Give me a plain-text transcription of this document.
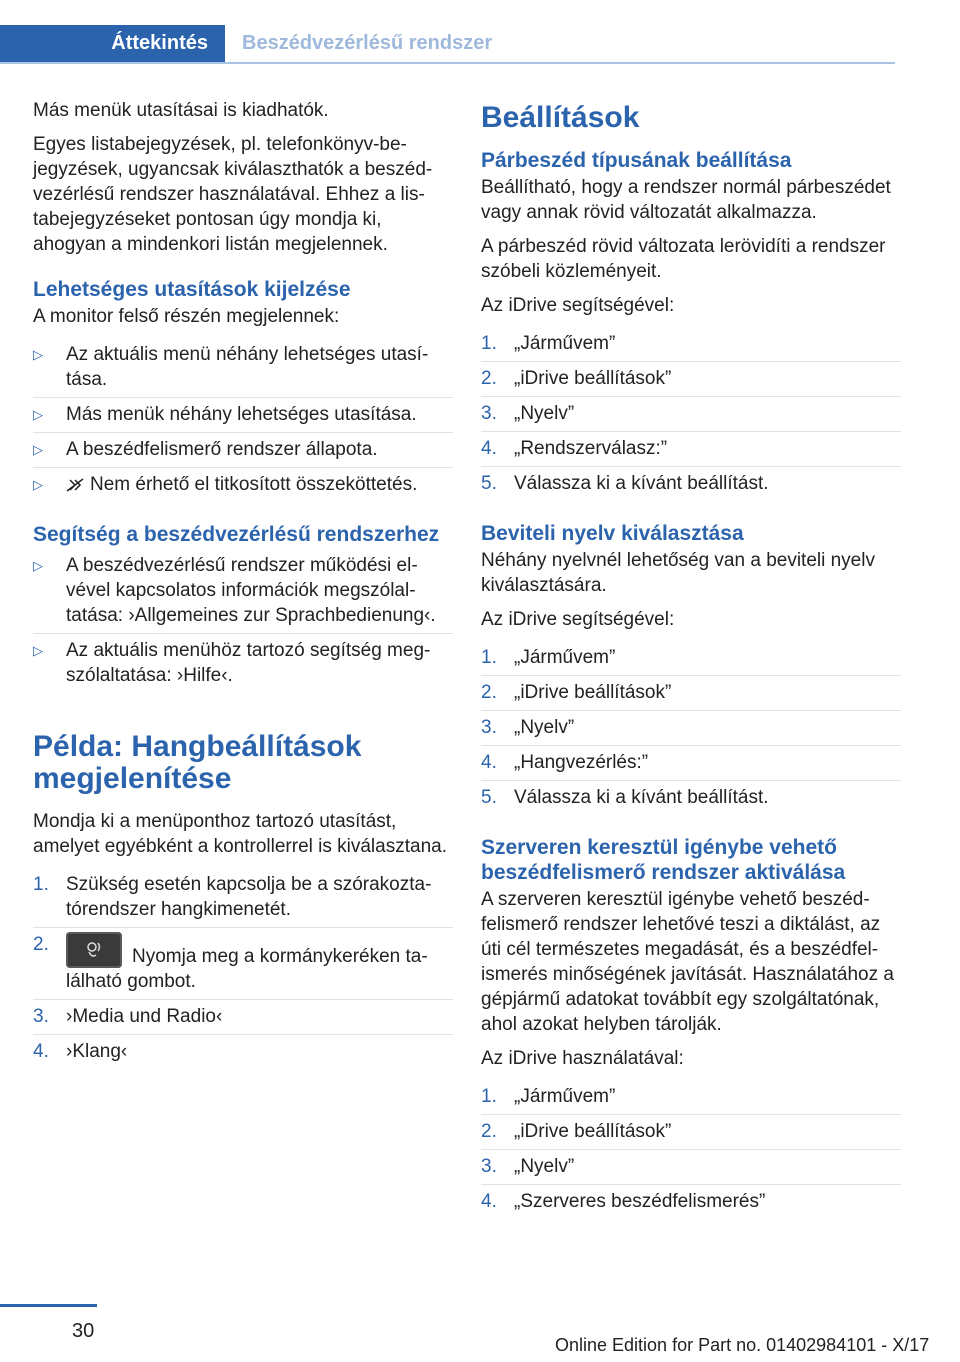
Áttekintés	Beszédvezérlésű rendszer

Más menük utasításai is kiadhatók.

Egyes listabejegyzések, pl. telefonkönyv-bejegyzések, ugyancsak kiválaszthatók a beszédvezérlésű rendszer használatával. Ehhez a listabejegyzéseket pontosan úgy mondja ki, ahogyan a mindenkori listán megjelennek.

Lehetséges utasítások kijelzése

A monitor felső részén megjelennek:

▷ Az aktuális menü néhány lehetséges utasítása.
▷ Más menük néhány lehetséges utasítása.
▷ A beszédfelismerő rendszer állapota.
▷ Nem érhető el titkosított összeköttetés.
Segítség a beszédvezérlésű rendszerhez
▷ A beszédvezérlésű rendszer működési elvével kapcsolatos információk megszólaltatása: ›Allgemeines zur Sprachbedienung‹.
▷ Az aktuális menühöz tartozó segítség megszólaltatása: ›Hilfe‹.
Példa: Hangbeállítások megjelenítése

Mondja ki a menüponthoz tartozó utasítást, amelyet egyébként a kontrollerrel is kiválasztana.

1. Szükség esetén kapcsolja be a szórakoztatórendszer hangkimenetét.
2.
Nyomja meg a kormánykeréken található gombot.
3. ›Media und Radio‹
4. ›Klang‹
Beállítások
Párbeszéd típusának beállítása

Beállítható, hogy a rendszer normál párbeszédet vagy annak rövid változatát alkalmazza.

A párbeszéd rövid változata lerövidíti a rendszer szóbeli közleményeit.

Az iDrive segítségével:

1. „Járművem”
2. „iDrive beállítások”
3. „Nyelv”
4. „Rendszerválasz:”
5. Válassza ki a kívánt beállítást.
Beviteli nyelv kiválasztása

Néhány nyelvnél lehetőség van a beviteli nyelv kiválasztására.

Az iDrive segítségével:

1. „Járművem”
2. „iDrive beállítások”
3. „Nyelv”
4. „Hangvezérlés:”
5. Válassza ki a kívánt beállítást.
Szerveren keresztül igénybe vehető beszédfelismerő rendszer aktiválása

A szerveren keresztül igénybe vehető beszédfelismerő rendszer lehetővé teszi a diktálást, az úti cél természetes megadását, és a beszédfelismerés minőségének javítását. Használatához a gépjármű adatokat továbbít egy szolgáltatónak, ahol azokat helyben tárolják.

Az iDrive használatával:

1. „Járművem”
2. „iDrive beállítások”
3. „Nyelv”
4. „Szerveres beszédfelismerés”
30
Online Edition for Part no. 01402984101 - X/17
